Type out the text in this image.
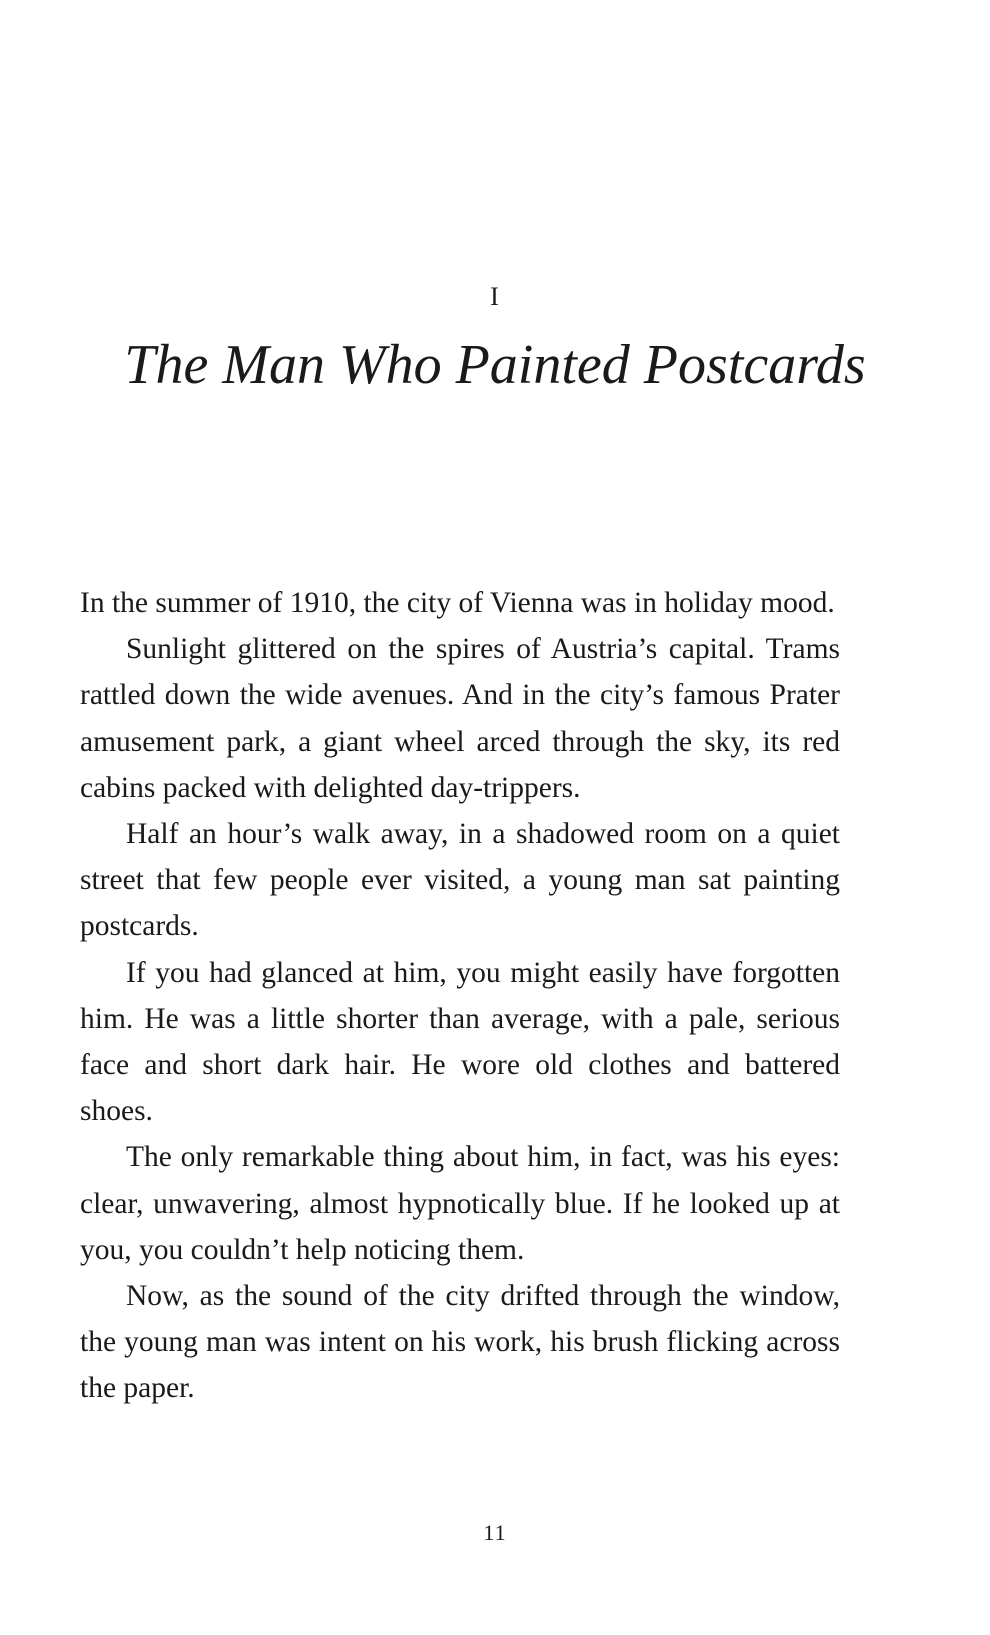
I
The Man Who Painted Postcards

In the summer of 1910, the city of Vienna was in holiday mood.

Sunlight glittered on the spires of Austria’s capital. Trams rattled down the wide avenues. And in the city’s famous Prater amusement park, a giant wheel arced through the sky, its red cabins packed with delighted day-trippers.

Half an hour’s walk away, in a shadowed room on a quiet street that few people ever visited, a young man sat painting postcards.

If you had glanced at him, you might easily have forgotten him. He was a little shorter than average, with a pale, serious face and short dark hair. He wore old clothes and battered shoes.

The only remarkable thing about him, in fact, was his eyes: clear, unwavering, almost hypnotically blue. If he looked up at you, you couldn’t help noticing them.

Now, as the sound of the city drifted through the window, the young man was intent on his work, his brush flicking across the paper.

11
